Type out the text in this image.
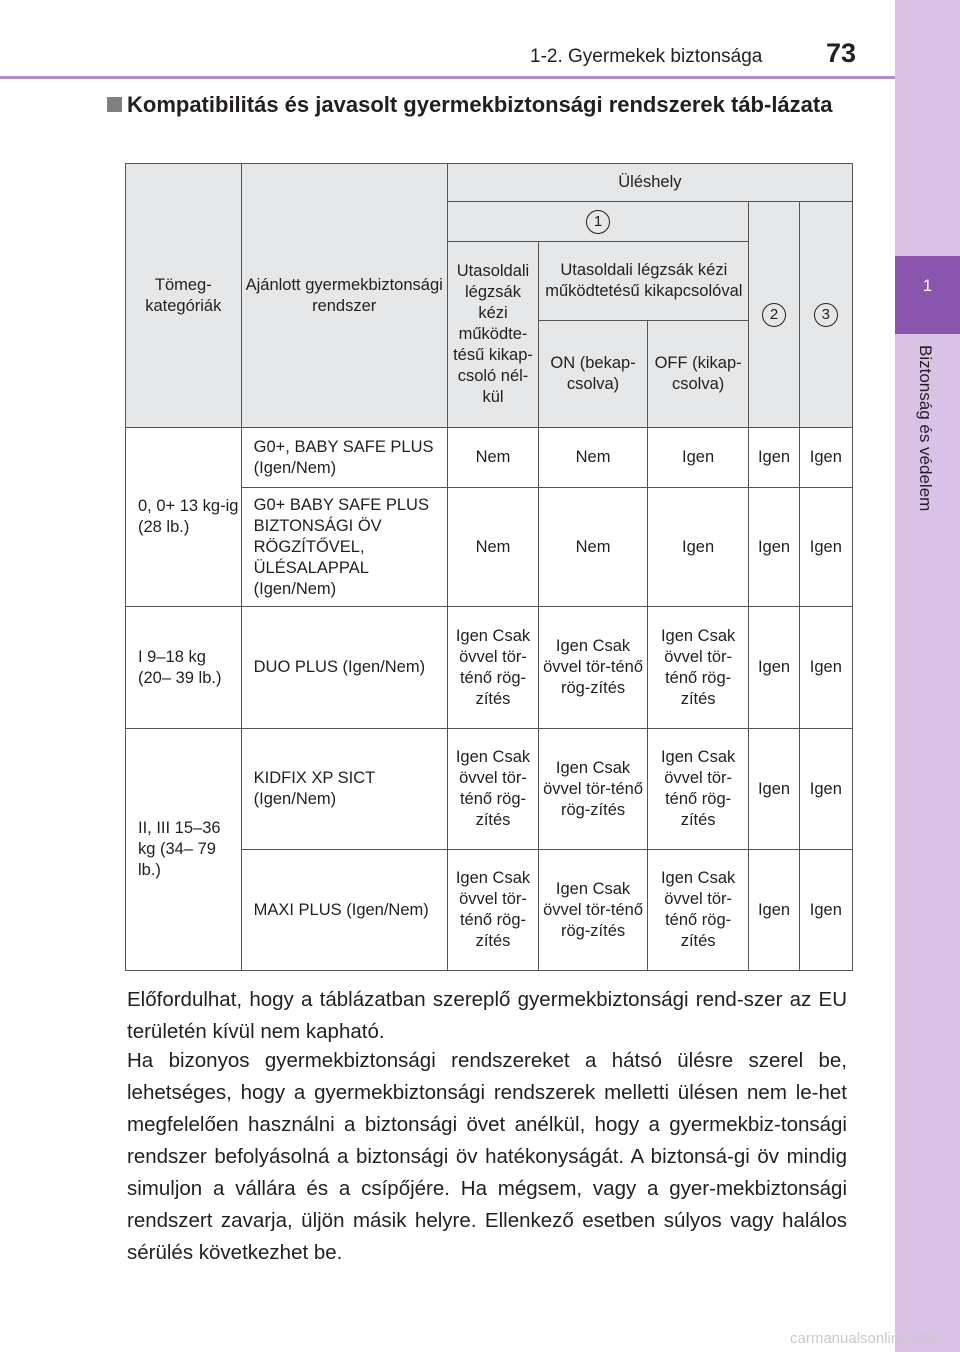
1-2. Gyermekek biztonsága 73
1
Biztonság és védelem
Kompatibilitás és javasolt gyermekbiztonsági rendszerek táb-lázata
Tömeg-kategóriák	Ajánlott gyermekbiztonsági rendszer	Üléshely				
		1			2	3
		Utasoldali légzsák kézi működte-tésű kikap-csoló nél-kül	Utasoldali légzsák kézi működtetésű kikapcsolóval			
			ON (bekap-csolva)	OFF (kikap-csolva)		
0, 0+ 13 kg-ig (28 lb.)	G0+, BABY SAFE PLUS (Igen/Nem)	Nem	Nem	Igen	Igen	Igen
	G0+ BABY SAFE PLUS BIZTONSÁGI ÖV RÖGZÍTŐVEL, ÜLÉSALAPPAL (Igen/Nem)	Nem	Nem	Igen	Igen	Igen
I 9–18 kg (20– 39 lb.)	DUO PLUS (Igen/Nem)	Igen Csak övvel tör-ténő rög-zítés	Igen Csak övvel tör-ténő rög-zítés	Igen Csak övvel tör-ténő rög-zítés	Igen	Igen
II, III 15–36 kg (34– 79 lb.)	KIDFIX XP SICT (Igen/Nem)	Igen Csak övvel tör-ténő rög-zítés	Igen Csak övvel tör-ténő rög-zítés	Igen Csak övvel tör-ténő rög-zítés	Igen	Igen
	MAXI PLUS (Igen/Nem)	Igen Csak övvel tör-ténő rög-zítés	Igen Csak övvel tör-ténő rög-zítés	Igen Csak övvel tör-ténő rög-zítés	Igen	Igen
Előfordulhat, hogy a táblázatban szereplő gyermekbiztonsági rend-szer az EU területén kívül nem kapható.
Ha bizonyos gyermekbiztonsági rendszereket a hátsó ülésre szerel be, lehetséges, hogy a gyermekbiztonsági rendszerek melletti ülésen nem le-het megfelelően használni a biztonsági övet anélkül, hogy a gyermekbiz-tonsági rendszer befolyásolná a biztonsági öv hatékonyságát. A biztonsá-gi öv mindig simuljon a vállára és a csípőjére. Ha mégsem, vagy a gyer-mekbiztonsági rendszert zavarja, üljön másik helyre. Ellenkező esetben súlyos vagy halálos sérülés következhet be.
carmanualsonline.info
